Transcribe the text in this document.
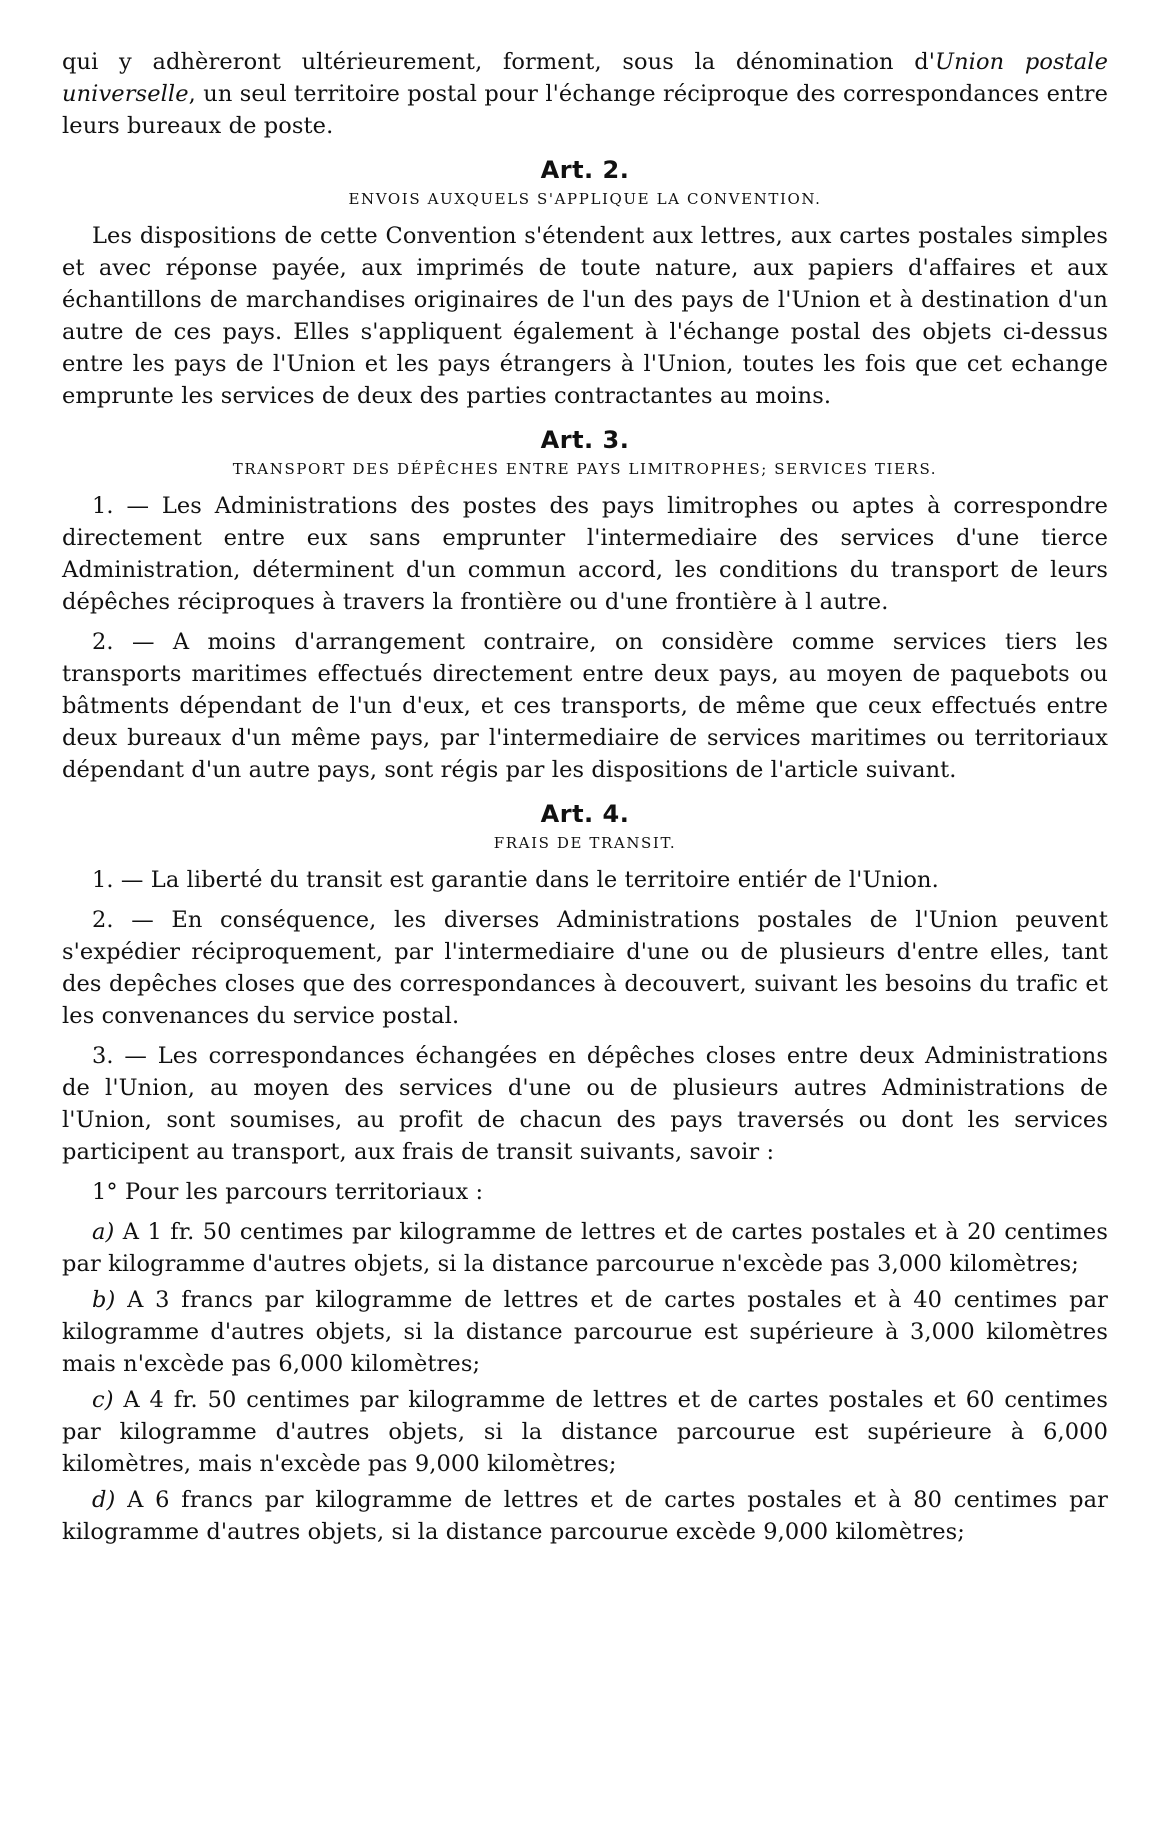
qui y adhèreront ultérieurement, forment, sous la dénomination d'Union postale universelle, un seul territoire postal pour l'échange réciproque des correspondances entre leurs bureaux de poste.

Art. 2.
ENVOIS AUXQUELS S'APPLIQUE LA CONVENTION.

Les dispositions de cette Convention s'étendent aux lettres, aux cartes postales simples et avec réponse payée, aux imprimés de toute nature, aux papiers d'affaires et aux échantillons de marchandises originaires de l'un des pays de l'Union et à destination d'un autre de ces pays. Elles s'appliquent également à l'échange postal des objets ci-dessus entre les pays de l'Union et les pays étrangers à l'Union, toutes les fois que cet echange emprunte les services de deux des parties contractantes au moins.

Art. 3.
TRANSPORT DES DÉPÊCHES ENTRE PAYS LIMITROPHES; SERVICES TIERS.

1. — Les Administrations des postes des pays limitrophes ou aptes à correspondre directement entre eux sans emprunter l'intermediaire des services d'une tierce Administration, déterminent d'un commun accord, les conditions du transport de leurs dépêches réciproques à travers la frontière ou d'une frontière à l autre.

2. — A moins d'arrangement contraire, on considère comme services tiers les transports maritimes effectués directement entre deux pays, au moyen de paquebots ou bâtments dépendant de l'un d'eux, et ces transports, de même que ceux effectués entre deux bureaux d'un même pays, par l'intermediaire de services maritimes ou territoriaux dépendant d'un autre pays, sont régis par les dispositions de l'article suivant.

Art. 4.
FRAIS DE TRANSIT.

1. — La liberté du transit est garantie dans le territoire entiér de l'Union.

2. — En conséquence, les diverses Administrations postales de l'Union peuvent s'expédier réciproquement, par l'intermediaire d'une ou de plusieurs d'entre elles, tant des depêches closes que des correspondances à decouvert, suivant les besoins du trafic et les convenances du service postal.

3. — Les correspondances échangées en dépêches closes entre deux Administrations de l'Union, au moyen des services d'une ou de plusieurs autres Administrations de l'Union, sont soumises, au profit de chacun des pays traversés ou dont les services participent au transport, aux frais de transit suivants, savoir :

1° Pour les parcours territoriaux :

a) A 1 fr. 50 centimes par kilogramme de lettres et de cartes postales et à 20 centimes par kilogramme d'autres objets, si la distance parcourue n'excède pas 3,000 kilomètres;

b) A 3 francs par kilogramme de lettres et de cartes postales et à 40 centimes par kilogramme d'autres objets, si la distance parcourue est supérieure à 3,000 kilomètres mais n'excède pas 6,000 kilomètres;

c) A 4 fr. 50 centimes par kilogramme de lettres et de cartes postales et 60 centimes par kilogramme d'autres objets, si la distance parcourue est supérieure à 6,000 kilomètres, mais n'excède pas 9,000 kilomètres;

d) A 6 francs par kilogramme de lettres et de cartes postales et à 80 centimes par kilogramme d'autres objets, si la distance parcourue excède 9,000 kilomètres;
